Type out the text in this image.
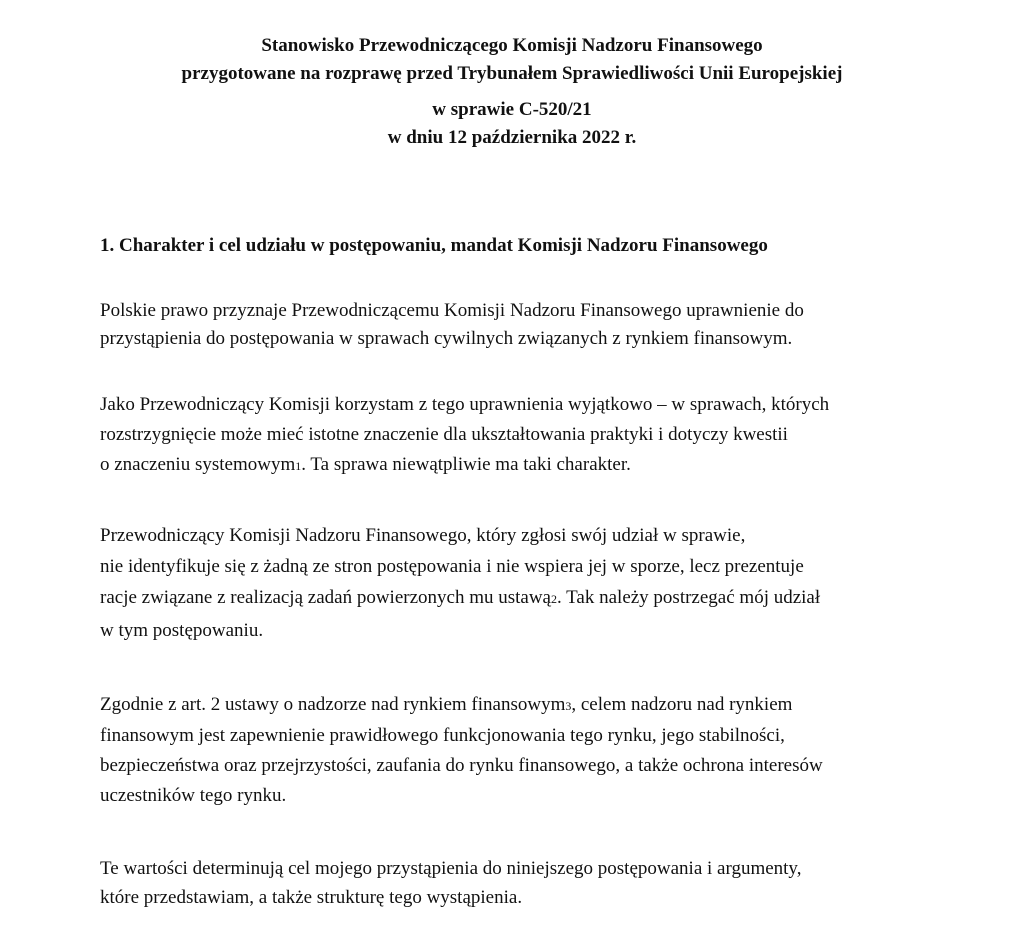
Stanowisko Przewodniczącego Komisji Nadzoru Finansowego
przygotowane na rozprawę przed Trybunałem Sprawiedliwości Unii Europejskiej
w sprawie C-520/21
w dniu 12 października 2022 r.
1. Charakter i cel udziału w postępowaniu, mandat Komisji Nadzoru Finansowego
Polskie prawo przyznaje Przewodniczącemu Komisji Nadzoru Finansowego uprawnienie do
przystąpienia do postępowania w sprawach cywilnych związanych z rynkiem finansowym.
Jako Przewodniczący Komisji korzystam z tego uprawnienia wyjątkowo – w sprawach, których
rozstrzygnięcie może mieć istotne znaczenie dla ukształtowania praktyki i dotyczy kwestii
o znaczeniu systemowym1. Ta sprawa niewątpliwie ma taki charakter.
Przewodniczący Komisji Nadzoru Finansowego, który zgłosi swój udział w sprawie,
nie identyfikuje się z żadną ze stron postępowania i nie wspiera jej w sporze, lecz prezentuje
racje związane z realizacją zadań powierzonych mu ustawą2. Tak należy postrzegać mój udział
w tym postępowaniu.
Zgodnie z art. 2 ustawy o nadzorze nad rynkiem finansowym3, celem nadzoru nad rynkiem
finansowym jest zapewnienie prawidłowego funkcjonowania tego rynku, jego stabilności,
bezpieczeństwa oraz przejrzystości, zaufania do rynku finansowego, a także ochrona interesów
uczestników tego rynku.
Te wartości determinują cel mojego przystąpienia do niniejszego postępowania i argumenty,
które przedstawiam, a także strukturę tego wystąpienia.
